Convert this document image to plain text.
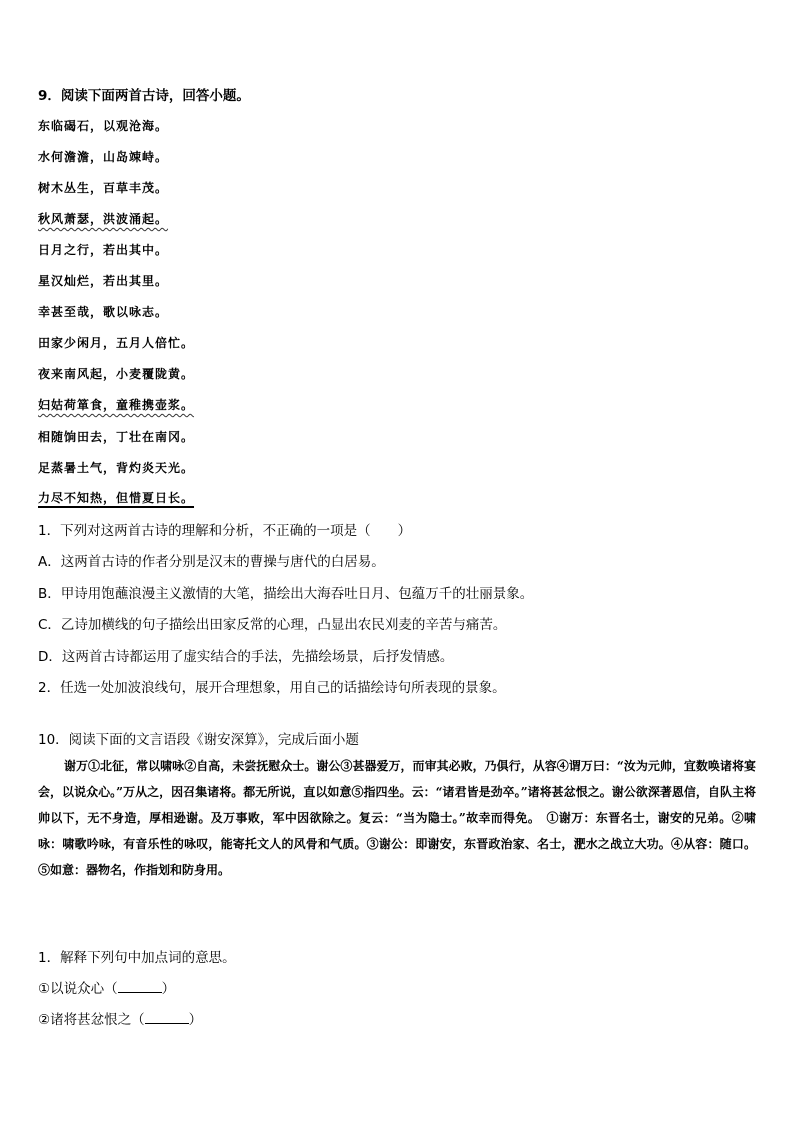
9．阅读下面两首古诗，回答小题。
东临碣石，以观沧海。
水何澹澹，山岛竦峙。
树木丛生，百草丰茂。
秋风萧瑟，洪波涌起。
日月之行，若出其中。
星汉灿烂，若出其里。
幸甚至哉，歌以咏志。
田家少闲月，五月人倍忙。
夜来南风起，小麦覆陇黄。
妇姑荷箪食，童稚携壶浆。
相随饷田去，丁壮在南冈。
足蒸暑土气，背灼炎天光。
力尽不知热，但惜夏日长。
1．下列对这两首古诗的理解和分析，不正确的一项是（　　）
A．这两首古诗的作者分别是汉末的曹操与唐代的白居易。
B．甲诗用饱蘸浪漫主义激情的大笔，描绘出大海吞吐日月、包蕴万千的壮丽景象。
C．乙诗加横线的句子描绘出田家反常的心理，凸显出农民刈麦的辛苦与痛苦。
D．这两首古诗都运用了虚实结合的手法，先描绘场景，后抒发情感。
2．任选一处加波浪线句，展开合理想象，用自己的话描绘诗句所表现的景象。
10．阅读下面的文言语段《谢安深算》，完成后面小题
谢万①北征，常以啸咏②自高，未尝抚慰众士。谢公③甚器爱万，而审其必败，乃俱行，从容④谓万曰：“汝为元帅，宜数唤诸将宴会，以说众心。”万从之，因召集诸将。都无所说，直以如意⑤指四坐。云：“诸君皆是劲卒。”诸将甚忿恨之。谢公欲深著恩信，自队主将帅以下，无不身造，厚相逊谢。及万事败，军中因欲除之。复云：“当为隐士。”故幸而得免。　①谢万：东晋名士，谢安的兄弟。②啸咏：啸歌吟咏，有音乐性的咏叹，能寄托文人的风骨和气质。③谢公：即谢安，东晋政治家、名士，淝水之战立大功。④从容：随口。⑤如意：器物名，作指划和防身用。
1．解释下列句中加点词的意思。
①以说众心（	）
②诸将甚忿恨之（	）
